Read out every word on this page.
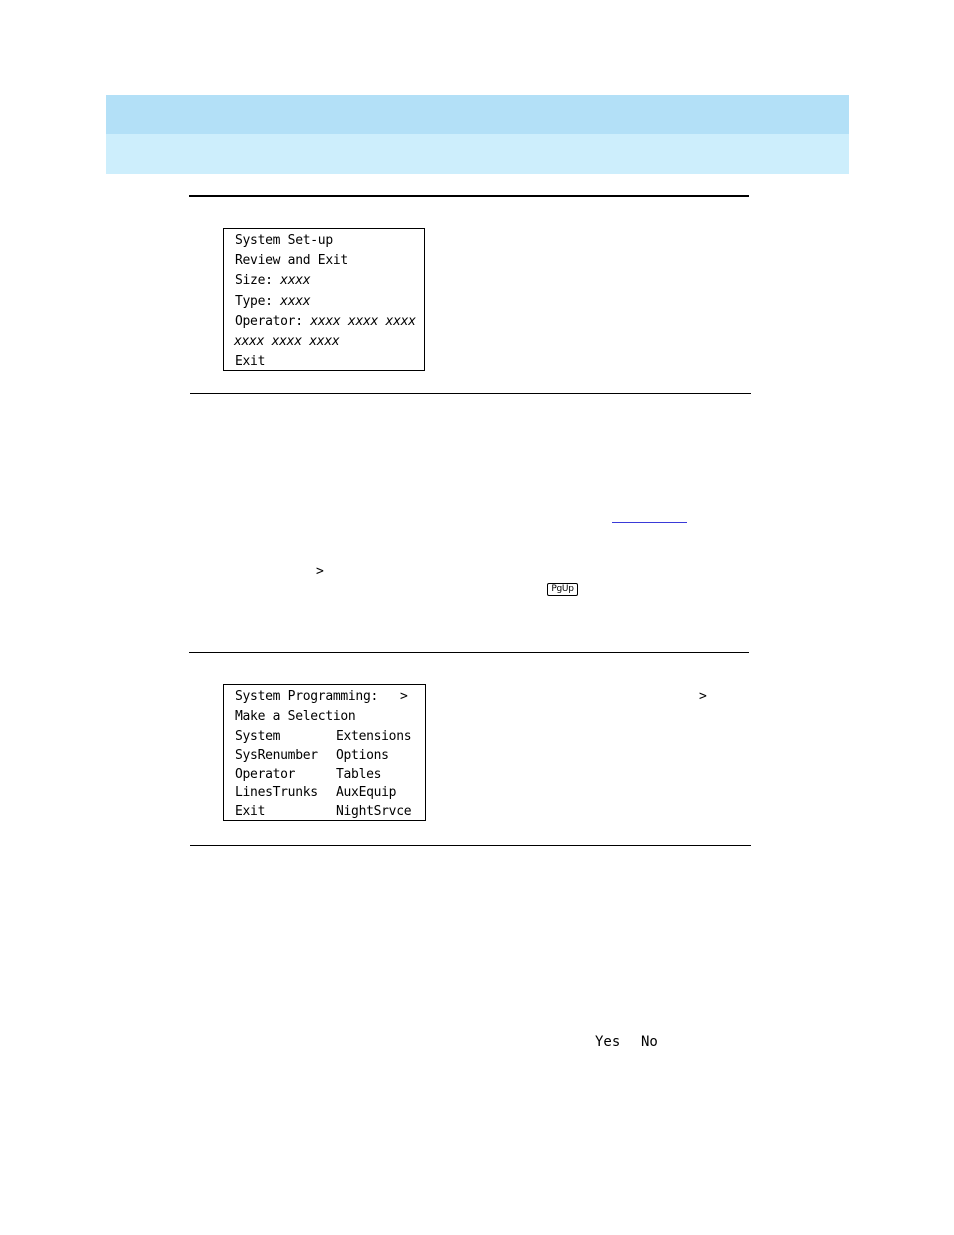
System Set-up
Review and Exit
Size: xxxx
Type: xxxx
Operator: xxxx xxxx xxxx
xxxx xxxx xxxx
Exit
>
PgUp
System Programming: >
Make a Selection
System	Extensions
SysRenumber Options
Operator	Tables
LinesTrunks AuxEquip
Exit	NightSrvce
>
Yes No
